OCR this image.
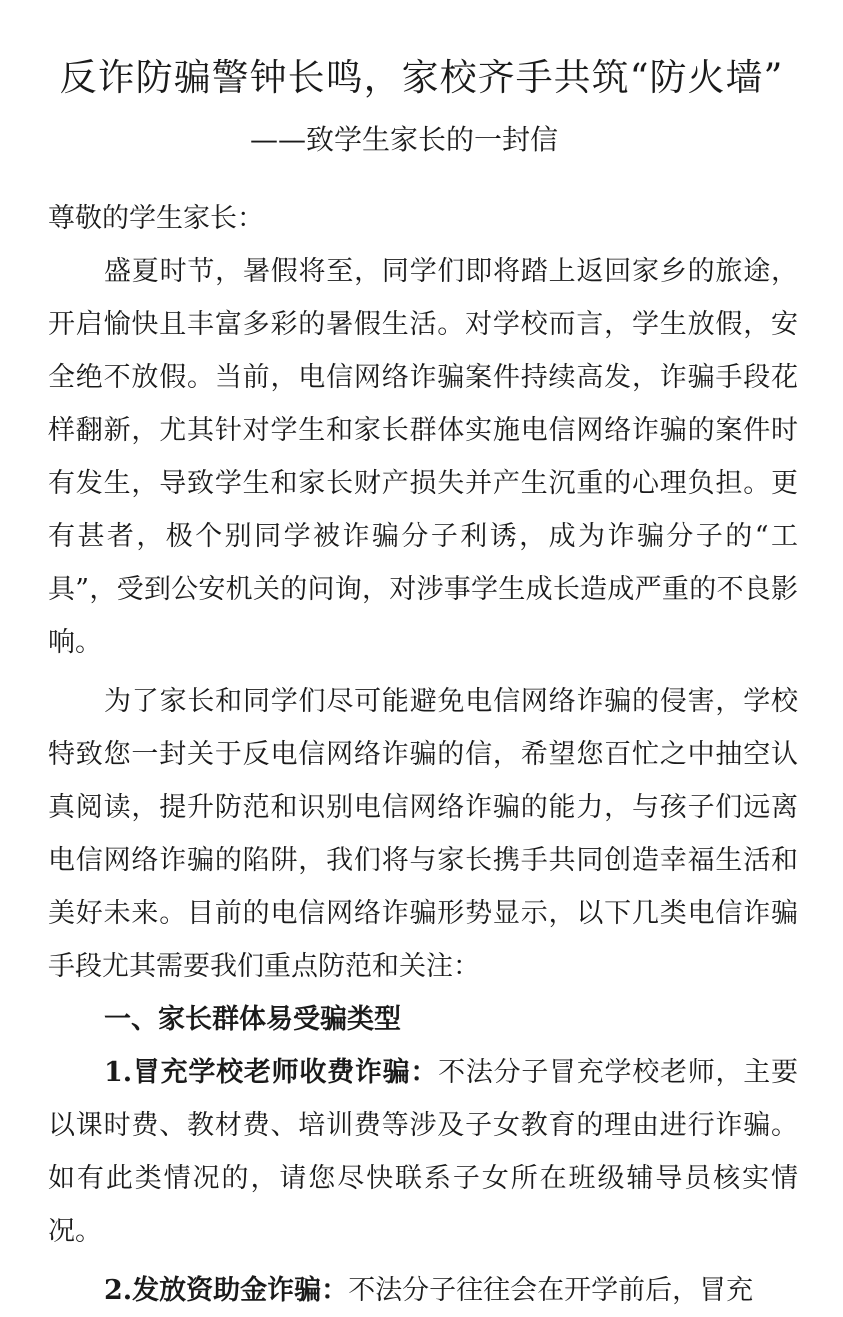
反诈防骗警钟长鸣，家校齐手共筑“防火墙”

——致学生家长的一封信

尊敬的学生家长：

盛夏时节，暑假将至，同学们即将踏上返回家乡的旅途，开启愉快且丰富多彩的暑假生活。对学校而言，学生放假，安全绝不放假。当前，电信网络诈骗案件持续高发，诈骗手段花样翻新，尤其针对学生和家长群体实施电信网络诈骗的案件时有发生，导致学生和家长财产损失并产生沉重的心理负担。更有甚者，极个别同学被诈骗分子利诱，成为诈骗分子的“工具”，受到公安机关的问询，对涉事学生成长造成严重的不良影响。

为了家长和同学们尽可能避免电信网络诈骗的侵害，学校特致您一封关于反电信网络诈骗的信，希望您百忙之中抽空认真阅读，提升防范和识别电信网络诈骗的能力，与孩子们远离电信网络诈骗的陷阱，我们将与家长携手共同创造幸福生活和美好未来。目前的电信网络诈骗形势显示，以下几类电信诈骗手段尤其需要我们重点防范和关注：

一、家长群体易受骗类型

1.冒充学校老师收费诈骗：不法分子冒充学校老师，主要以课时费、教材费、培训费等涉及子女教育的理由进行诈骗。如有此类情况的，请您尽快联系子女所在班级辅导员核实情况。

2.发放资助金诈骗：不法分子往往会在开学前后，冒充
